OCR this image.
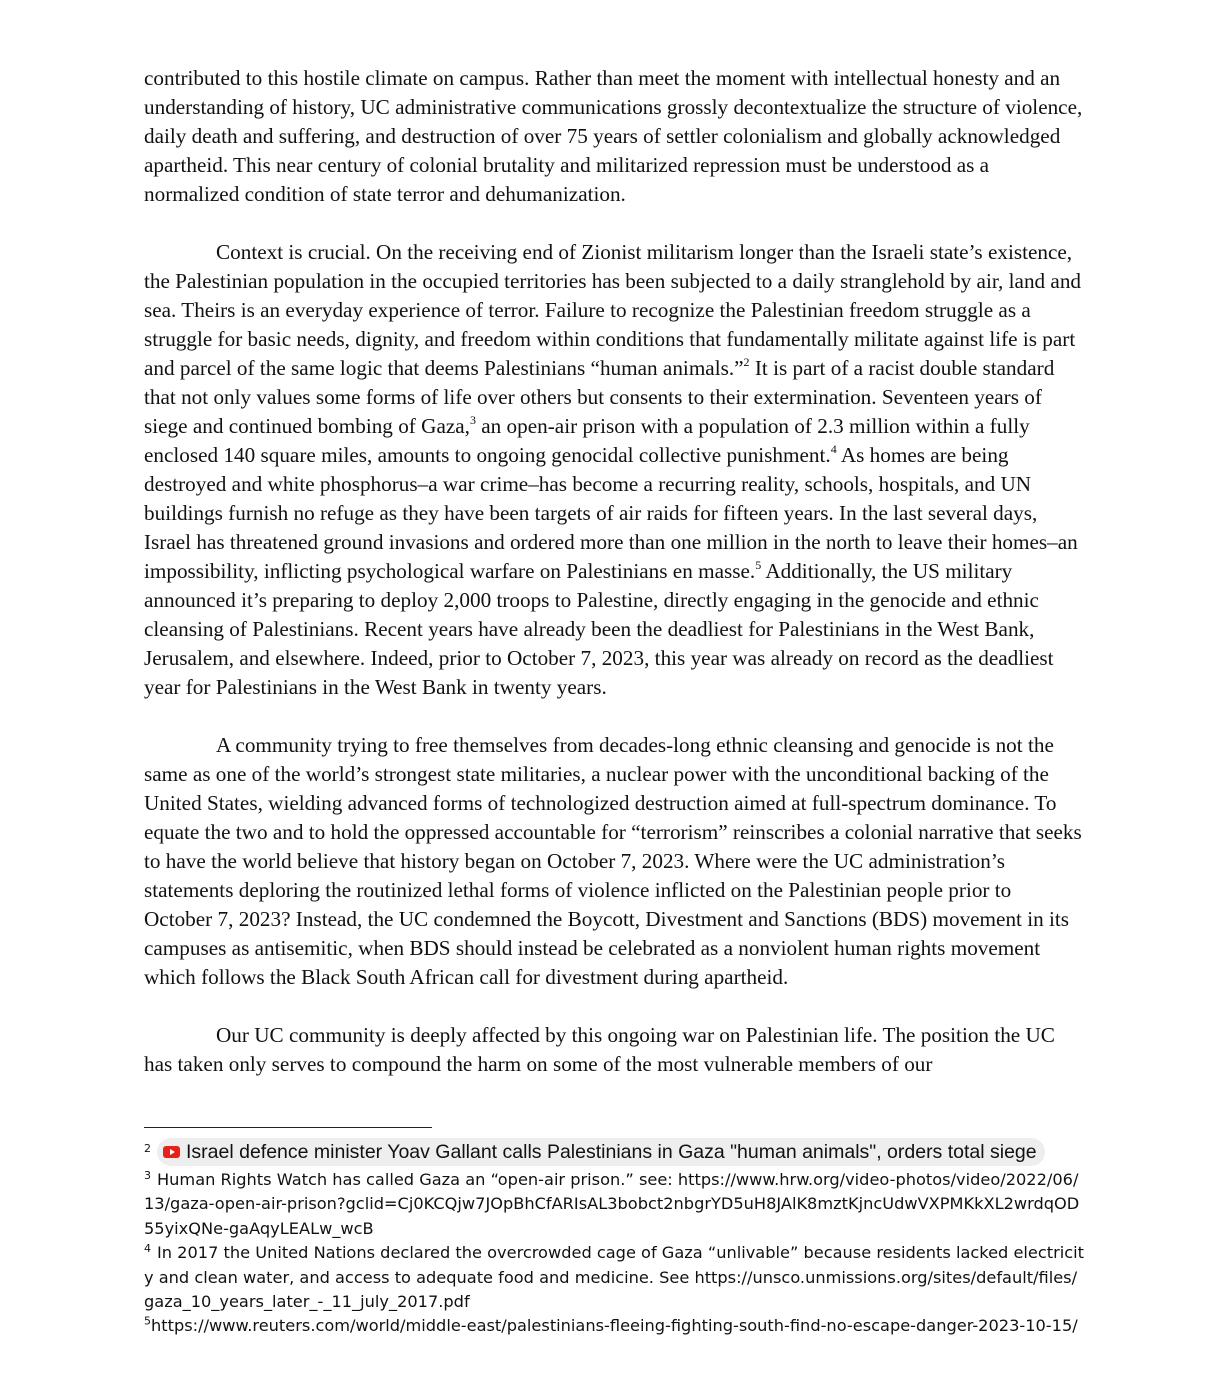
contributed to this hostile climate on campus. Rather than meet the moment with intellectual honesty and an understanding of history, UC administrative communications grossly decontextualize the structure of violence, daily death and suffering, and destruction of over 75 years of settler colonialism and globally acknowledged apartheid. This near century of colonial brutality and militarized repression must be understood as a normalized condition of state terror and dehumanization.

Context is crucial. On the receiving end of Zionist militarism longer than the Israeli state’s existence, the Palestinian population in the occupied territories has been subjected to a daily stranglehold by air, land and sea. Theirs is an everyday experience of terror. Failure to recognize the Palestinian freedom struggle as a struggle for basic needs, dignity, and freedom within conditions that fundamentally militate against life is part and parcel of the same logic that deems Palestinians “human animals.”$^2$ It is part of a racist double standard that not only values some forms of life over others but consents to their extermination. Seventeen years of siege and continued bombing of Gaza,$^3$ an open-air prison with a population of 2.3 million within a fully enclosed 140 square miles, amounts to ongoing genocidal collective punishment.$^4$ As homes are being destroyed and white phosphorus–a war crime–has become a recurring reality, schools, hospitals, and UN buildings furnish no refuge as they have been targets of air raids for fifteen years. In the last several days, Israel has threatened ground invasions and ordered more than one million in the north to leave their homes–an impossibility, inflicting psychological warfare on Palestinians en masse.$^5$ Additionally, the US military announced it’s preparing to deploy 2,000 troops to Palestine, directly engaging in the genocide and ethnic cleansing of Palestinians. Recent years have already been the deadliest for Palestinians in the West Bank, Jerusalem, and elsewhere. Indeed, prior to October 7, 2023, this year was already on record as the deadliest year for Palestinians in the West Bank in twenty years.

A community trying to free themselves from decades-long ethnic cleansing and genocide is not the same as one of the world’s strongest state militaries, a nuclear power with the unconditional backing of the United States, wielding advanced forms of technologized destruction aimed at full-spectrum dominance. To equate the two and to hold the oppressed accountable for “terrorism” reinscribes a colonial narrative that seeks to have the world believe that history began on October 7, 2023. Where were the UC administration’s statements deploring the routinized lethal forms of violence inflicted on the Palestinian people prior to October 7, 2023? Instead, the UC condemned the Boycott, Divestment and Sanctions (BDS) movement in its campuses as antisemitic, when BDS should instead be celebrated as a nonviolent human rights movement which follows the Black South African call for divestment during apartheid.

Our UC community is deeply affected by this ongoing war on Palestinian life. The position the UC has taken only serves to compound the harm on some of the most vulnerable members of our

$^2$ Israel defence minister Yoav Gallant calls Palestinians in Gaza "human animals", orders total siege

$^3$ Human Rights Watch has called Gaza an “open-air prison.” see: https://www.hrw.org/video-photos/video/2022/06/13/gaza-open-air-prison?gclid=Cj0KCQjw7JOpBhCfARIsAL3bobct2nbgrYD5uH8JAlK8mztKjncUdwVXPMKkXL2wrdqOD55yixQNe-gaAqyLEALw_wcB

$^4$ In 2017 the United Nations declared the overcrowded cage of Gaza “unlivable” because residents lacked electricity and clean water, and access to adequate food and medicine. See https://unsco.unmissions.org/sites/default/files/gaza_10_years_later_-_11_july_2017.pdf

$^5$https://www.reuters.com/world/middle-east/palestinians-fleeing-fighting-south-find-no-escape-danger-2023-10-15/
